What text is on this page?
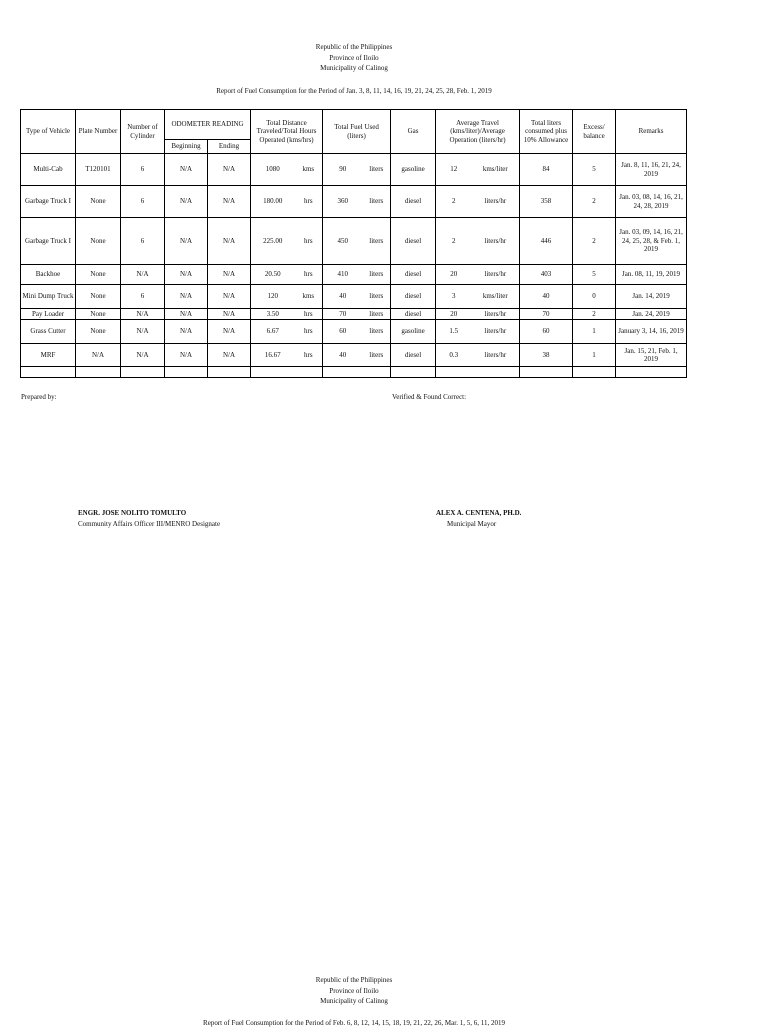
Republic of the Philippines
Province of Iloilo
Municipality of Calinog
Report of Fuel Consumption for the Period of Jan. 3, 8, 11, 14, 16, 19, 21, 24, 25, 28, Feb. 1, 2019
Type of Vehicle	Plate Number	Number of Cylinder	ODOMETER READING		Total Distance Traveled/Total Hours Operated (kms/hrs)		Total Fuel Used (liters)		Gas	Average Travel (kms/liter)/Average Operation (liters/hr)		Total liters consumed plus 10% Allowance	Excess/ balance	Remarks
			Beginning	Ending										
Multi-Cab	T120101	6	N/A	N/A	1080	kms	90	liters	gasoline	12	kms/liter	84	5	Jan. 8, 11, 16, 21, 24, 2019
Garbage Truck I	None	6	N/A	N/A	180.00	hrs	360	liters	diesel	2	liters/hr	358	2	Jan. 03, 08, 14, 16, 21, 24, 28, 2019
Garbage Truck I	None	6	N/A	N/A	225.00	hrs	450	liters	diesel	2	liters/hr	446	2	Jan. 03, 09, 14, 16, 21, 24, 25, 28, & Feb. 1, 2019
Backhoe	None	N/A	N/A	N/A	20.50	hrs	410	liters	diesel	20	liters/hr	403	5	Jan. 08, 11, 19, 2019
Mini Dump Truck	None	6	N/A	N/A	120	kms	40	liters	diesel	3	kms/liter	40	0	Jan. 14, 2019
Pay Loader	None	N/A	N/A	N/A	3.50	hrs	70	liters	diesel	20	liters/hr	70	2	Jan. 24, 2019
Grass Cutter	None	N/A	N/A	N/A	6.67	hrs	60	liters	gasoline	1.5	liters/hr	60	1	January 3, 14, 16, 2019
MRF	N/A	N/A	N/A	N/A	16.67	hrs	40	liters	diesel	0.3	liters/hr	38	1	Jan. 15, 21, Feb. 1, 2019

Prepared by:	Verified & Found Correct:
ENGR. JOSE NOLITO TOMULTO
Community Affairs Officer III/MENRO Designate
ALEX A. CENTENA, PH.D.
Municipal Mayor
Republic of the Philippines
Province of Iloilo
Municipality of Calinog
Report of Fuel Consumption for the Period of Feb. 6, 8, 12, 14, 15, 18, 19, 21, 22, 26, Mar. 1, 5, 6, 11, 2019
